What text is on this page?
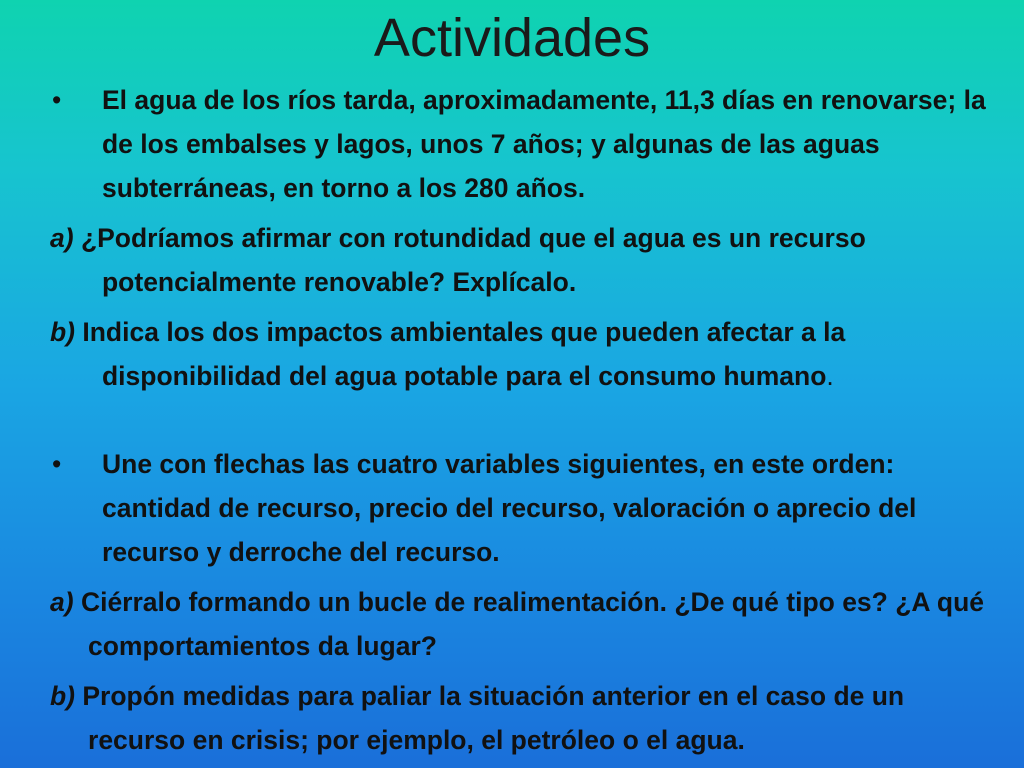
Actividades

• El agua de los ríos tarda, aproximadamente, 11,3 días en renovarse; la de los embalses y lagos, unos 7 años; y algunas de las aguas subterráneas, en torno a los 280 años.

a) ¿Podríamos afirmar con rotundidad que el agua es un recurso potencialmente renovable? Explícalo.

b) Indica los dos impactos ambientales que pueden afectar a la disponibilidad del agua potable para el consumo humano.

• Une con flechas las cuatro variables siguientes, en este orden: cantidad de recurso, precio del recurso, valoración o aprecio del recurso y derroche del recurso.

a) Ciérralo formando un bucle de realimentación. ¿De qué tipo es? ¿A qué comportamientos da lugar?

b) Propón medidas para paliar la situación anterior en el caso de un recurso en crisis; por ejemplo, el petróleo o el agua.
